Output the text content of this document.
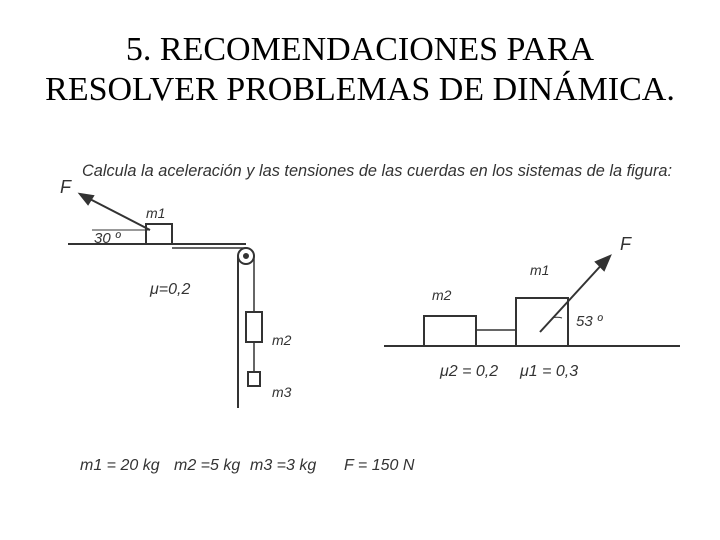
5. RECOMENDACIONES PARA
RESOLVER PROBLEMAS DE DINÁMICA.
Calcula la aceleración y las tensiones de las cuerdas en los sistemas de la figura:
F
30 º
m1
μ=0,2
m2
m3
m1
m2
F
53 º
μ2 = 0,2 μ1 = 0,3
m1 = 20 kg m2 =5 kg m3 =3 kg F = 150 N
